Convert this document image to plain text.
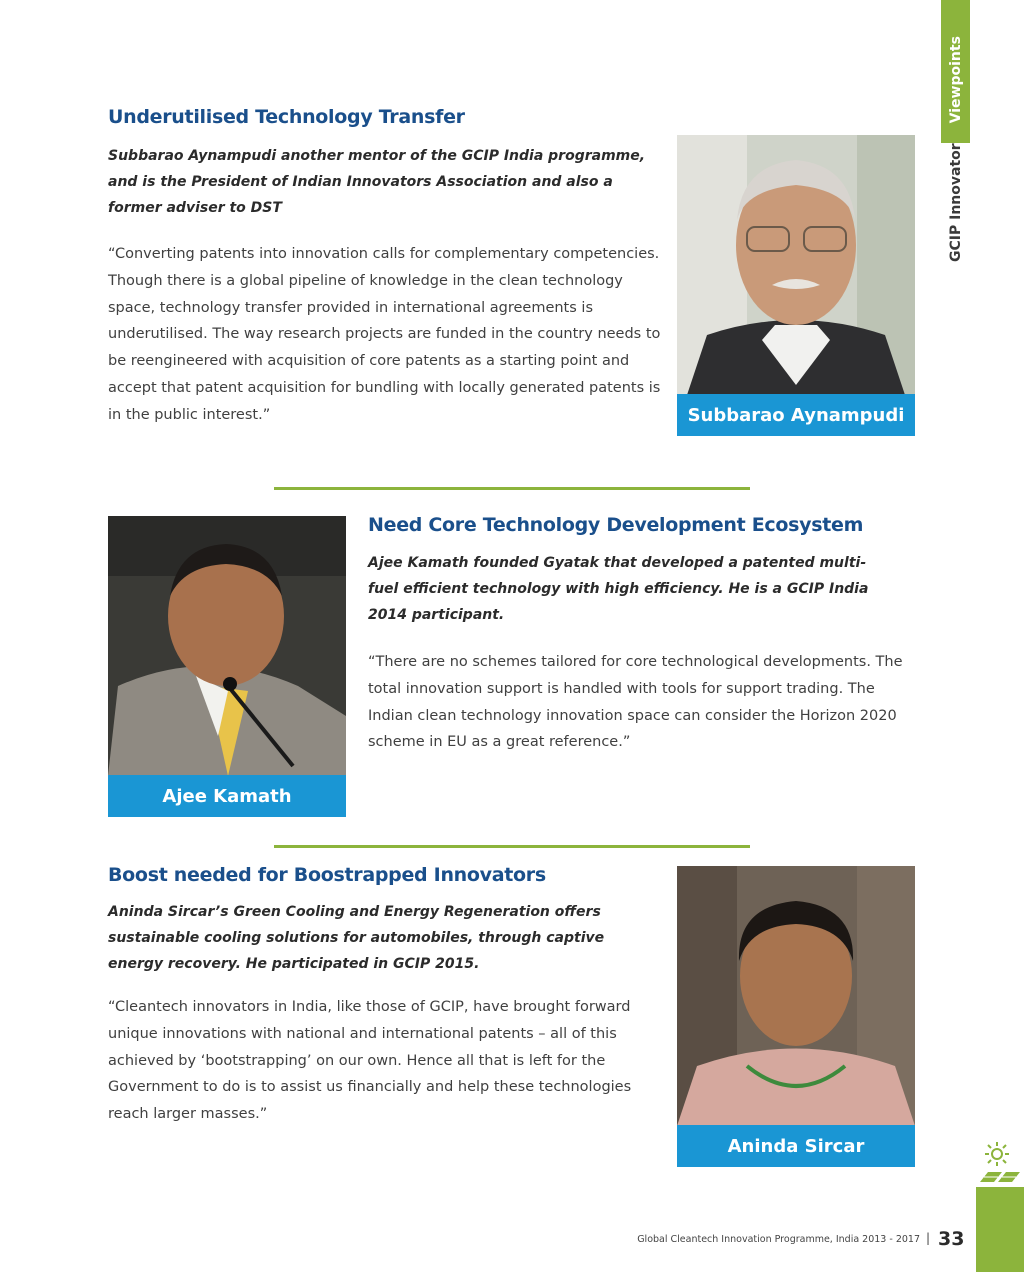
GCIP Innovator
Viewpoints
Underutilised Technology Transfer

Subbarao Aynampudi another mentor of the GCIP India programme, and is the President of Indian Innovators Association and also a former adviser to DST

“Converting patents into innovation calls for complementary competencies. Though there is a global pipeline of knowledge in the clean technology space, technology transfer provided in international agreements is underutilised. The way research projects are funded in the country needs to be reengineered with acquisition of core patents as a starting point and accept that patent acquisition for bundling with locally generated patents is in the public interest.”	Subbarao Aynampudi
Ajee Kamath
Need Core Technology Development Ecosystem

Ajee Kamath founded Gyatak that developed a patented multi-fuel efficient technology with high efficiency. He is a GCIP India 2014 participant.

“There are no schemes tailored for core technological developments. The total innovation support is handled with tools for support trading. The Indian clean technology innovation space can consider the Horizon 2020 scheme in EU as a great reference.”

Boost needed for Boostrapped Innovators

Aninda Sircar’s Green Cooling and Energy Regeneration offers sustainable cooling solutions for automobiles, through captive energy recovery. He participated in GCIP 2015.

“Cleantech innovators in India, like those of GCIP, have brought forward unique innovations with national and international patents – all of this achieved by ‘bootstrapping’ on our own. Hence all that is left for the Government to do is to assist us financially and help these technologies reach larger masses.”

Aninda Sircar
Global Cleantech Innovation Programme, India 2013 - 2017 | 33
